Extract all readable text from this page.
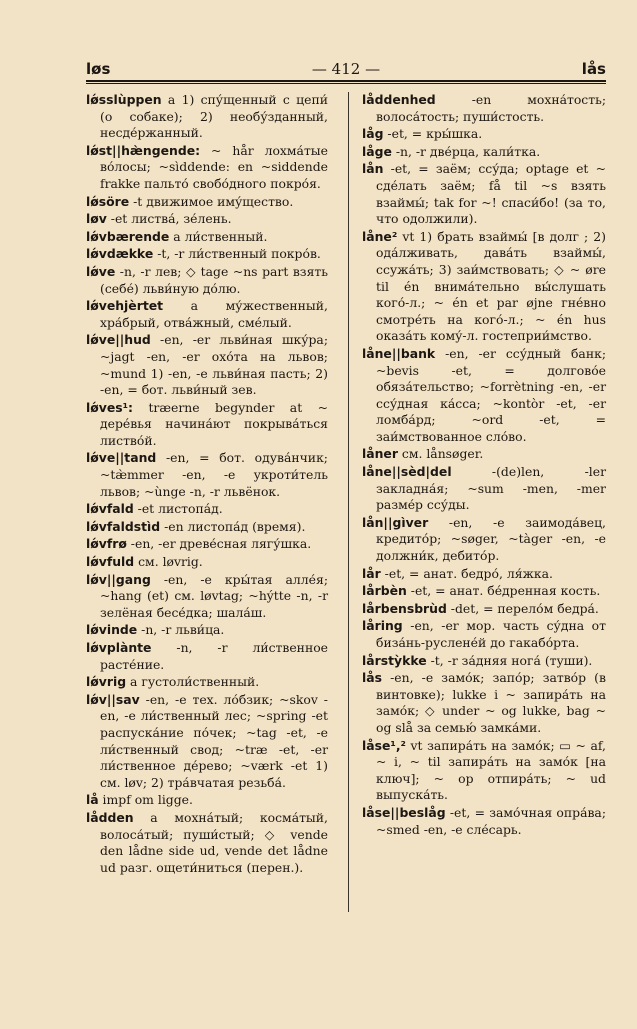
løs	— 412 —	lås
lǿsslùppen a 1) спу́щенный с цепи́ (о собаке); 2) необу́зданный, несде́ржанный.
lǿst||hæ̀ngende: ~ hår лохма́тые во́лосы; ~sìddende: en ~siddende frakke пальто́ свобо́дного покро́я.
lǿsöre -t движимое иму́щество.
løv -et листва́, зе́лень.
lǿvbærende a ли́ственный.
lǿvdække -t, -r ли́ственный покро́в.
lǿve -n, -r лев; ◇ tage ~ns part взять (себе́) льви́ную до́лю.
lǿvehjèrtet a му́жественный, хра́брый, отва́жный, сме́лый.
lǿve||hud -en, -er льви́ная шку́ра; ~jagt -en, -er охо́та на львов; ~mund 1) -en, -e льви́ная пасть; 2) -en, = бот. льви́ный зев.
lǿves¹: træerne begynder at ~ дере́вья начина́ют покрыва́ться листво́й.
lǿve||tand -en, = бот. одува́нчик; ~tæ̀mmer -en, -e укроти́тель львов; ~ùnge -n, -r львёнок.
lǿvfald -et листопа́д.
lǿvfaldstìd -en листопа́д (время).
lǿvfrø -en, -er древе́сная лягу́шка.
lǿvfuld см. løvrig.
lǿv||gang -en, -e кры́тая алле́я; ~hang (et) см. løvtag; ~hýtte -n, -r зелёная бесе́дка; шала́ш.
lǿvinde -n, -r льви́ца.
lǿvplànte -n, -r ли́ственное расте́ние.
lǿvrig a густоли́ственный.
lǿv||sav -en, -e тех. ло́бзик; ~skov -en, -e ли́ственный лес; ~spring -et распуска́ние по́чек; ~tag -et, -e ли́ственный свод; ~træ -et, -er ли́ственное де́рево; ~værk -et 1) см. løv; 2) тра́вчатая резьба́.
lå impf om ligge.
lådden a мохна́тый; косма́тый, волоса́тый; пуши́стый; ◇ vende den lådne side ud, vende det lådne ud разг. ощети́ниться (перен.).
låddenhed -en мохна́тость; волоса́тость; пуши́стость.
låg -et, = кры́шка.
låge -n, -r две́рца, кали́тка.
lån -et, = заём; ссу́да; optage et ~ сде́лать заём; få til ~s взять взаймы́; tak for ~! спаси́бо! (за то, что одолжили).
låne² vt 1) брать взаймы́ [в долг ; 2) ода́лживать, дава́ть взаймы́, ссужа́ть; 3) заи́мствовать; ◇ ~ øre til én внима́тельно вы́слушать кого́-л.; ~ én et par øjne гне́вно смотре́ть на кого́-л.; ~ én hus оказа́ть кому́-л. гостеприи́мство.
låne||bank -en, -er ссу́дный банк; ~bevis -et, = долгово́е обяза́тельство; ~forrètning -en, -er ссу́дная ка́сса; ~kontòr -et, -er ломба́рд; ~ord -et, = заи́мствованное сло́во.
låner см. lånsøger.
låne||sèd|del -(de)len, -ler закладна́я; ~sum -men, -mer разме́р ссу́ды.
lån||gìver -en, -e заимода́вец, кредито́р; ~søger, ~tàger -en, -e должни́к, дебито́р.
lår -et, = анат. бедро́, ля́жка.
lårbèn -et, = анат. бе́дренная кость.
lårbensbrùd -det, = перело́м бедра́.
låring -en, -er мор. часть су́дна от биза́нь-руслене́й до гакабо́рта.
lårstỳkke -t, -r за́дняя нога́ (туши).
lås -en, -e замо́к; запо́р; затво́р (в винтовке); lukke i ~ запира́ть на замо́к; ◇ under ~ og lukke, bag ~ og slå за семью́ замка́ми.
låse¹,² vt запира́ть на замо́к; ▭ ~ af, ~ i, ~ til запира́ть на замо́к [на ключ]; ~ op отпира́ть; ~ ud выпуска́ть.
låse||beslåg -et, = замо́чная опра́ва; ~smed -en, -e сле́сарь.
